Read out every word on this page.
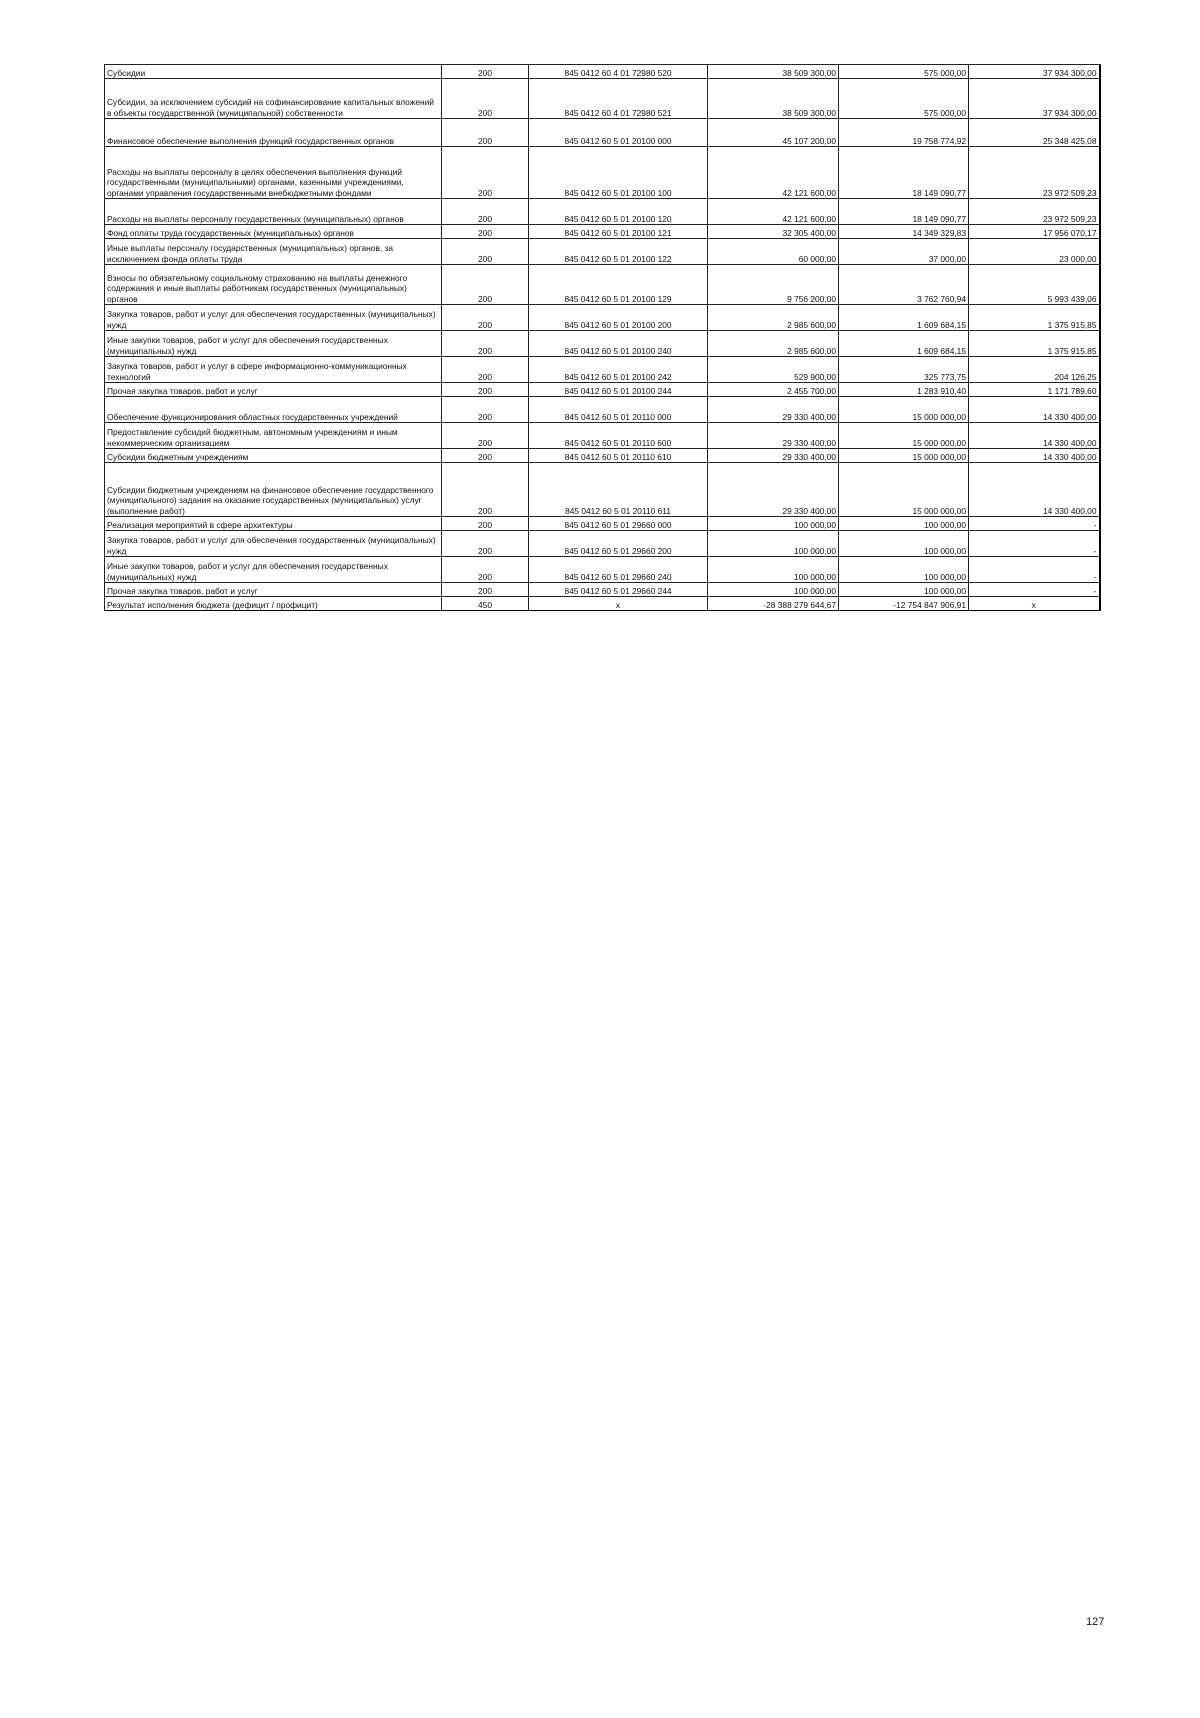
Субсидии	200	845 0412 60 4 01 72980 520	38 509 300,00	575 000,00	37 934 300,00
Субсидии, за исключением субсидий на софинансирование капитальных вложений в объекты государственной (муниципальной) собственности	200	845 0412 60 4 01 72980 521	38 509 300,00	575 000,00	37 934 300,00
Финансовое обеспечение выполнения функций государственных органов	200	845 0412 60 5 01 20100 000	45 107 200,00	19 758 774,92	25 348 425,08
Расходы на выплаты персоналу в целях обеспечения выполнения функций государственными (муниципальными) органами, казенными учреждениями, органами управления государственными внебюджетными фондами	200	845 0412 60 5 01 20100 100	42 121 600,00	18 149 090,77	23 972 509,23
Расходы на выплаты персоналу государственных (муниципальных) органов	200	845 0412 60 5 01 20100 120	42 121 600,00	18 149 090,77	23 972 509,23
Фонд оплаты труда государственных (муниципальных) органов	200	845 0412 60 5 01 20100 121	32 305 400,00	14 349 329,83	17 956 070,17
Иные выплаты персоналу государственных (муниципальных) органов, за исключением фонда оплаты труда	200	845 0412 60 5 01 20100 122	60 000,00	37 000,00	23 000,00
Взносы по обязательному социальному страхованию на выплаты денежного содержания и иные выплаты работникам государственных (муниципальных) органов	200	845 0412 60 5 01 20100 129	9 756 200,00	3 762 760,94	5 993 439,06
Закупка товаров, работ и услуг для обеспечения государственных (муниципальных) нужд	200	845 0412 60 5 01 20100 200	2 985 600,00	1 609 684,15	1 375 915,85
Иные закупки товаров, работ и услуг для обеспечения государственных (муниципальных) нужд	200	845 0412 60 5 01 20100 240	2 985 600,00	1 609 684,15	1 375 915,85
Закупка товаров, работ и услуг в сфере информационно-коммуникационных технологий	200	845 0412 60 5 01 20100 242	529 900,00	325 773,75	204 126,25
Прочая закупка товаров, работ и услуг	200	845 0412 60 5 01 20100 244	2 455 700,00	1 283 910,40	1 171 789,60
Обеспечение функционирования областных государственных учреждений	200	845 0412 60 5 01 20110 000	29 330 400,00	15 000 000,00	14 330 400,00
Предоставление субсидий бюджетным, автономным учреждениям и иным некоммерческим организациям	200	845 0412 60 5 01 20110 600	29 330 400,00	15 000 000,00	14 330 400,00
Субсидии бюджетным учреждениям	200	845 0412 60 5 01 20110 610	29 330 400,00	15 000 000,00	14 330 400,00
Субсидии бюджетным учреждениям на финансовое обеспечение государственного (муниципального) задания на оказание государственных (муниципальных) услуг (выполнение работ)	200	845 0412 60 5 01 20110 611	29 330 400,00	15 000 000,00	14 330 400,00
Реализация мероприятий в сфере архитектуры	200	845 0412 60 5 01 29660 000	100 000,00	100 000,00	-
Закупка товаров, работ и услуг для обеспечения государственных (муниципальных) нужд	200	845 0412 60 5 01 29660 200	100 000,00	100 000,00	-
Иные закупки товаров, работ и услуг для обеспечения государственных (муниципальных) нужд	200	845 0412 60 5 01 29660 240	100 000,00	100 000,00	-
Прочая закупка товаров, работ и услуг	200	845 0412 60 5 01 29660 244	100 000,00	100 000,00	-
Результат исполнения бюджета (дефицит / профицит)	450	x	-28 388 279 644,67	-12 754 847 906,91	x
127
